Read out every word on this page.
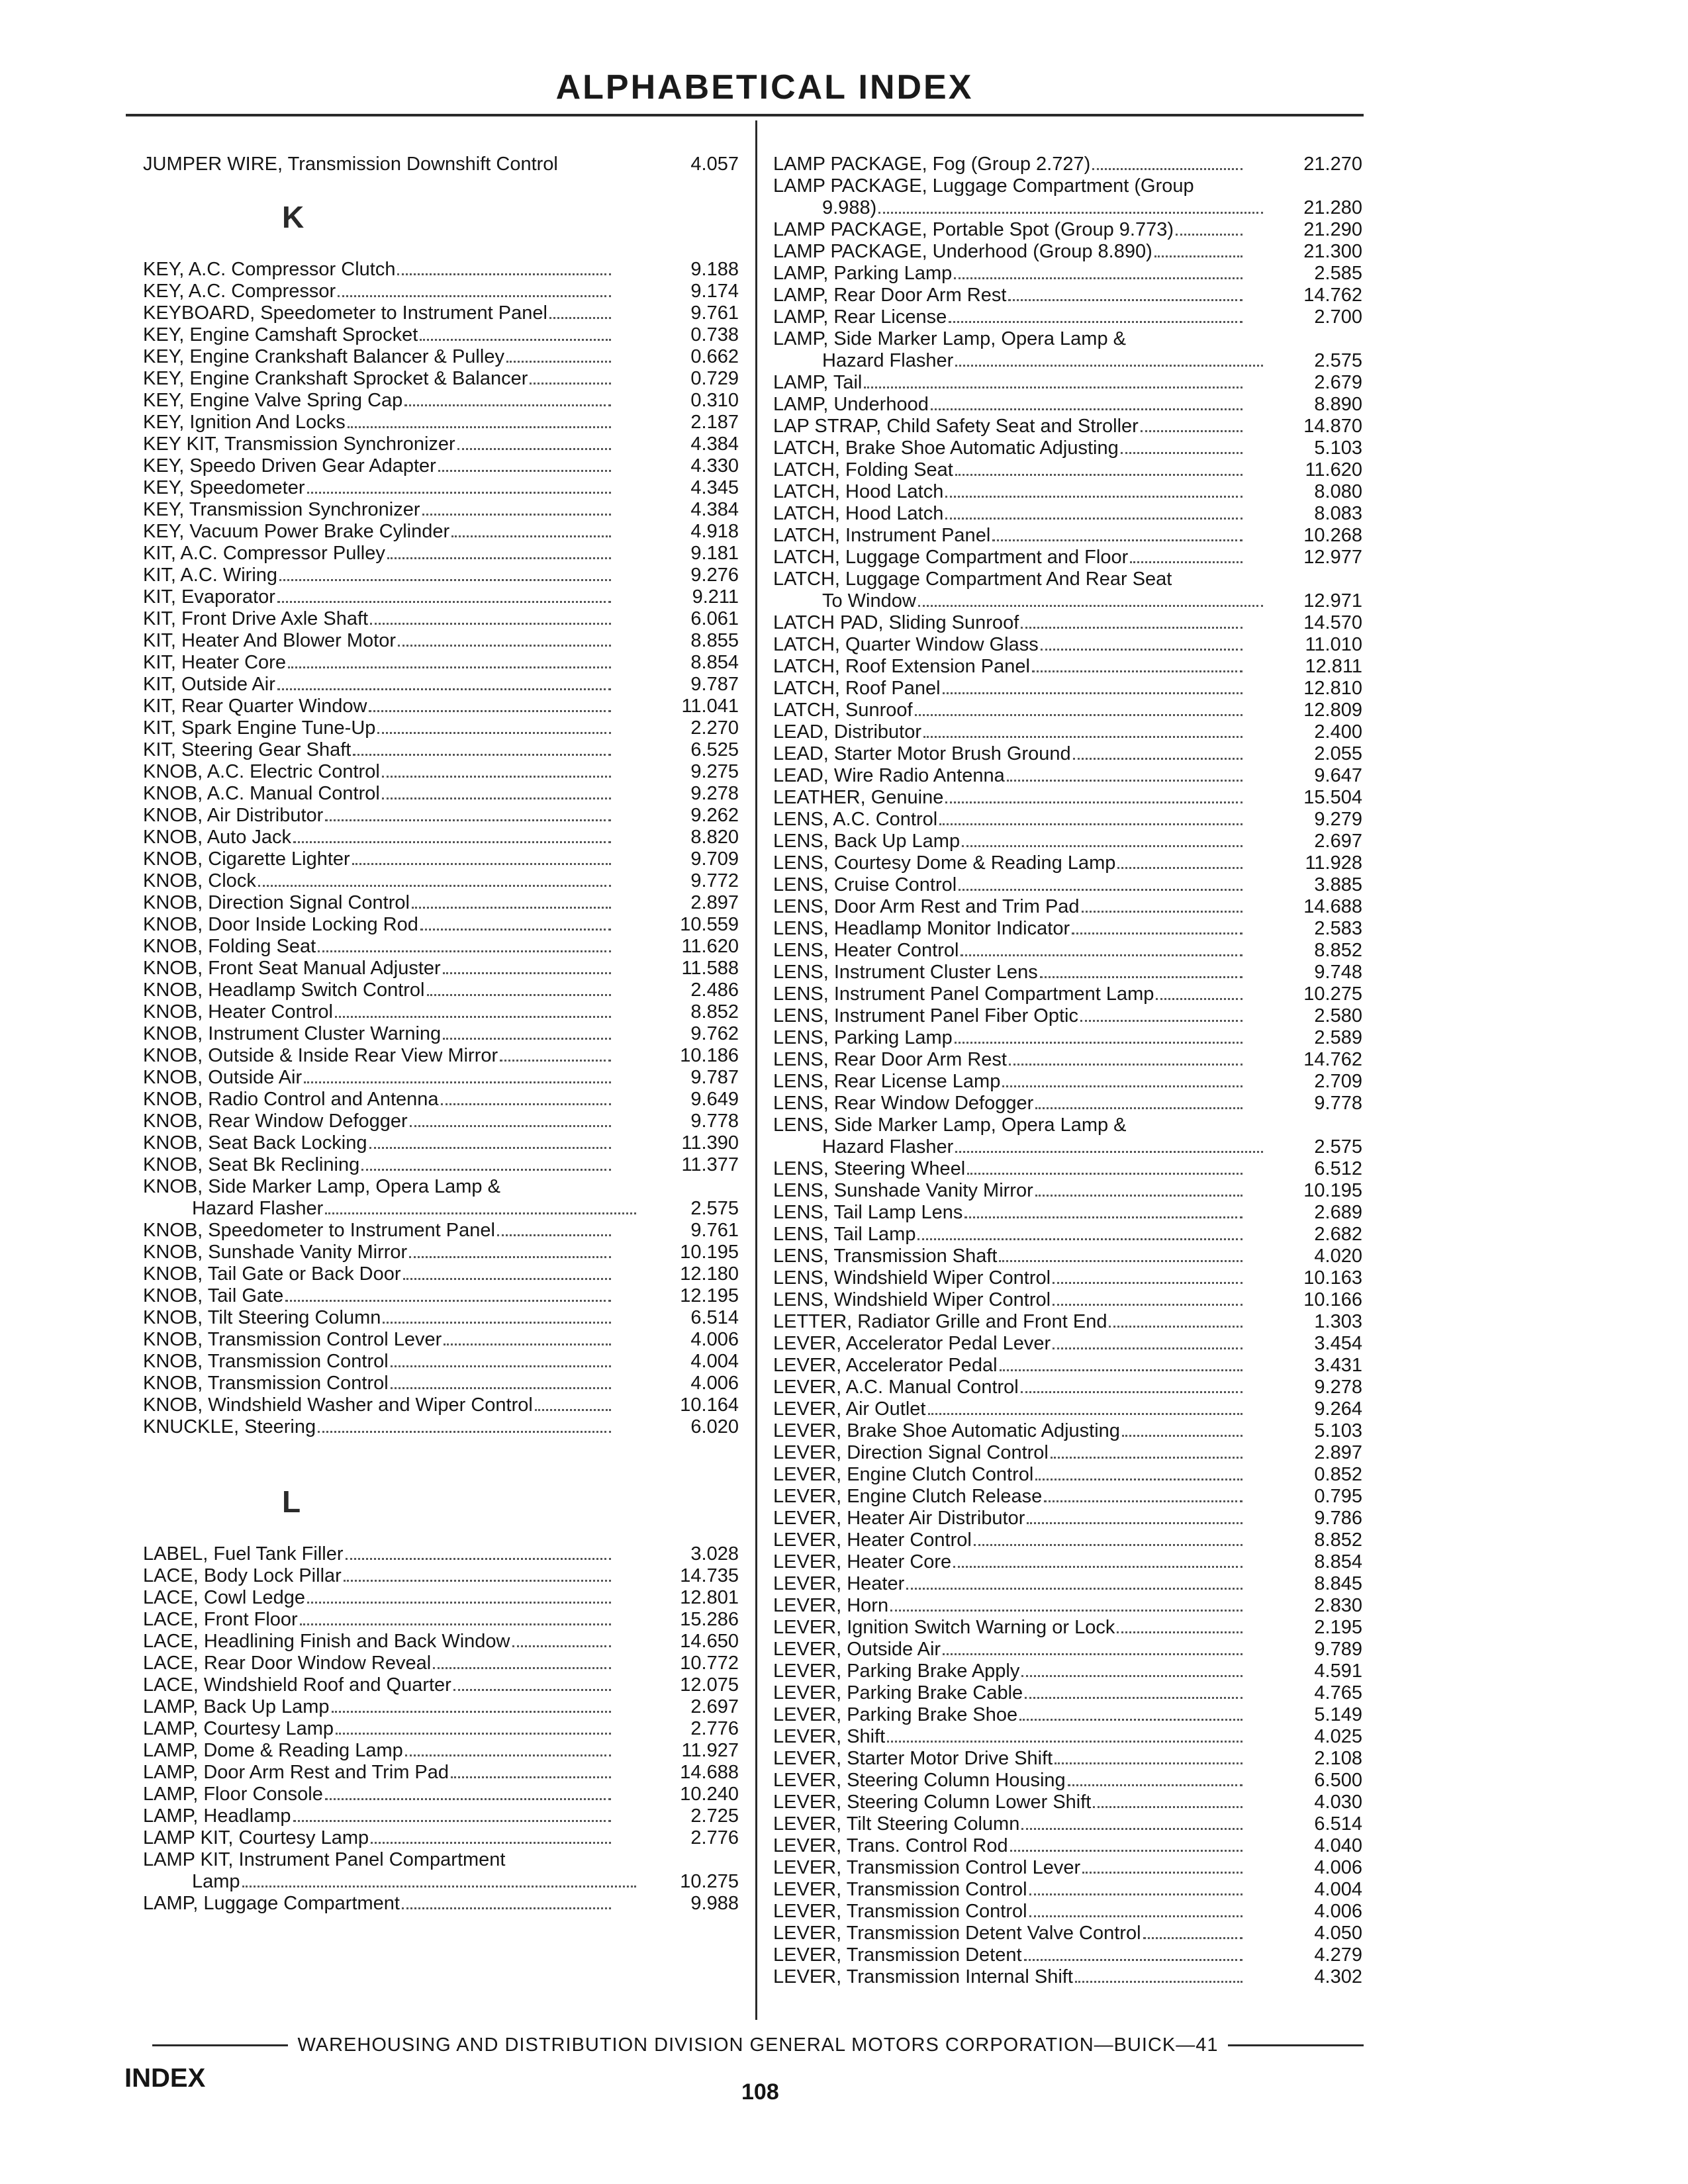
ALPHABETICAL INDEX
JUMPER WIRE, Transmission Downshift Control	4.057
K
KEY, A.C. Compressor Clutch	9.188
KEY, A.C. Compressor	9.174
KEYBOARD, Speedometer to Instrument Panel	9.761
KEY, Engine Camshaft Sprocket	0.738
KEY, Engine Crankshaft Balancer & Pulley	0.662
KEY, Engine Crankshaft Sprocket & Balancer	0.729
KEY, Engine Valve Spring Cap	0.310
KEY, Ignition And Locks	2.187
KEY KIT, Transmission Synchronizer	4.384
KEY, Speedo Driven Gear Adapter	4.330
KEY, Speedometer	4.345
KEY, Transmission Synchronizer	4.384
KEY, Vacuum Power Brake Cylinder	4.918
KIT, A.C. Compressor Pulley	9.181
KIT, A.C. Wiring	9.276
KIT, Evaporator	9.211
KIT, Front Drive Axle Shaft	6.061
KIT, Heater And Blower Motor	8.855
KIT, Heater Core	8.854
KIT, Outside Air	9.787
KIT, Rear Quarter Window	11.041
KIT, Spark Engine Tune-Up	2.270
KIT, Steering Gear Shaft	6.525
KNOB, A.C. Electric Control	9.275
KNOB, A.C. Manual Control	9.278
KNOB, Air Distributor	9.262
KNOB, Auto Jack	8.820
KNOB, Cigarette Lighter	9.709
KNOB, Clock	9.772
KNOB, Direction Signal Control	2.897
KNOB, Door Inside Locking Rod	10.559
KNOB, Folding Seat	11.620
KNOB, Front Seat Manual Adjuster	11.588
KNOB, Headlamp Switch Control	2.486
KNOB, Heater Control	8.852
KNOB, Instrument Cluster Warning	9.762
KNOB, Outside & Inside Rear View Mirror	10.186
KNOB, Outside Air	9.787
KNOB, Radio Control and Antenna	9.649
KNOB, Rear Window Defogger	9.778
KNOB, Seat Back Locking	11.390
KNOB, Seat Bk Reclining	11.377
KNOB, Side Marker Lamp, Opera Lamp &
Hazard Flasher	2.575
KNOB, Speedometer to Instrument Panel	9.761
KNOB, Sunshade Vanity Mirror	10.195
KNOB, Tail Gate or Back Door	12.180
KNOB, Tail Gate	12.195
KNOB, Tilt Steering Column	6.514
KNOB, Transmission Control Lever	4.006
KNOB, Transmission Control	4.004
KNOB, Transmission Control	4.006
KNOB, Windshield Washer and Wiper Control	10.164
KNUCKLE, Steering	6.020
L
LABEL, Fuel Tank Filler	3.028
LACE, Body Lock Pillar	14.735
LACE, Cowl Ledge	12.801
LACE, Front Floor	15.286
LACE, Headlining Finish and Back Window	14.650
LACE, Rear Door Window Reveal	10.772
LACE, Windshield Roof and Quarter	12.075
LAMP, Back Up Lamp	2.697
LAMP, Courtesy Lamp	2.776
LAMP, Dome & Reading Lamp	11.927
LAMP, Door Arm Rest and Trim Pad	14.688
LAMP, Floor Console	10.240
LAMP, Headlamp	2.725
LAMP KIT, Courtesy Lamp	2.776
LAMP KIT, Instrument Panel Compartment
Lamp	10.275
LAMP, Luggage Compartment	9.988
LAMP PACKAGE, Fog (Group 2.727)	21.270
LAMP PACKAGE, Luggage Compartment (Group
9.988)	21.280
LAMP PACKAGE, Portable Spot (Group 9.773)	21.290
LAMP PACKAGE, Underhood (Group 8.890)	21.300
LAMP, Parking Lamp	2.585
LAMP, Rear Door Arm Rest	14.762
LAMP, Rear License	2.700
LAMP, Side Marker Lamp, Opera Lamp &
Hazard Flasher	2.575
LAMP, Tail	2.679
LAMP, Underhood	8.890
LAP STRAP, Child Safety Seat and Stroller	14.870
LATCH, Brake Shoe Automatic Adjusting	5.103
LATCH, Folding Seat	11.620
LATCH, Hood Latch	8.080
LATCH, Hood Latch	8.083
LATCH, Instrument Panel	10.268
LATCH, Luggage Compartment and Floor	12.977
LATCH, Luggage Compartment And Rear Seat
To Window	12.971
LATCH PAD, Sliding Sunroof	14.570
LATCH, Quarter Window Glass	11.010
LATCH, Roof Extension Panel	12.811
LATCH, Roof Panel	12.810
LATCH, Sunroof	12.809
LEAD, Distributor	2.400
LEAD, Starter Motor Brush Ground	2.055
LEAD, Wire Radio Antenna	9.647
LEATHER, Genuine	15.504
LENS, A.C. Control	9.279
LENS, Back Up Lamp	2.697
LENS, Courtesy Dome & Reading Lamp	11.928
LENS, Cruise Control	3.885
LENS, Door Arm Rest and Trim Pad	14.688
LENS, Headlamp Monitor Indicator	2.583
LENS, Heater Control	8.852
LENS, Instrument Cluster Lens	9.748
LENS, Instrument Panel Compartment Lamp	10.275
LENS, Instrument Panel Fiber Optic	2.580
LENS, Parking Lamp	2.589
LENS, Rear Door Arm Rest	14.762
LENS, Rear License Lamp	2.709
LENS, Rear Window Defogger	9.778
LENS, Side Marker Lamp, Opera Lamp &
Hazard Flasher	2.575
LENS, Steering Wheel	6.512
LENS, Sunshade Vanity Mirror	10.195
LENS, Tail Lamp Lens	2.689
LENS, Tail Lamp	2.682
LENS, Transmission Shaft	4.020
LENS, Windshield Wiper Control	10.163
LENS, Windshield Wiper Control	10.166
LETTER, Radiator Grille and Front End	1.303
LEVER, Accelerator Pedal Lever	3.454
LEVER, Accelerator Pedal	3.431
LEVER, A.C. Manual Control	9.278
LEVER, Air Outlet	9.264
LEVER, Brake Shoe Automatic Adjusting	5.103
LEVER, Direction Signal Control	2.897
LEVER, Engine Clutch Control	0.852
LEVER, Engine Clutch Release	0.795
LEVER, Heater Air Distributor	9.786
LEVER, Heater Control	8.852
LEVER, Heater Core	8.854
LEVER, Heater	8.845
LEVER, Horn	2.830
LEVER, Ignition Switch Warning or Lock	2.195
LEVER, Outside Air	9.789
LEVER, Parking Brake Apply	4.591
LEVER, Parking Brake Cable	4.765
LEVER, Parking Brake Shoe	5.149
LEVER, Shift	4.025
LEVER, Starter Motor Drive Shift	2.108
LEVER, Steering Column Housing	6.500
LEVER, Steering Column Lower Shift	4.030
LEVER, Tilt Steering Column	6.514
LEVER, Trans. Control Rod	4.040
LEVER, Transmission Control Lever	4.006
LEVER, Transmission Control	4.004
LEVER, Transmission Control	4.006
LEVER, Transmission Detent Valve Control	4.050
LEVER, Transmission Detent	4.279
LEVER, Transmission Internal Shift	4.302
WAREHOUSING AND DISTRIBUTION DIVISION GENERAL MOTORS CORPORATION—BUICK—41
INDEX	108
